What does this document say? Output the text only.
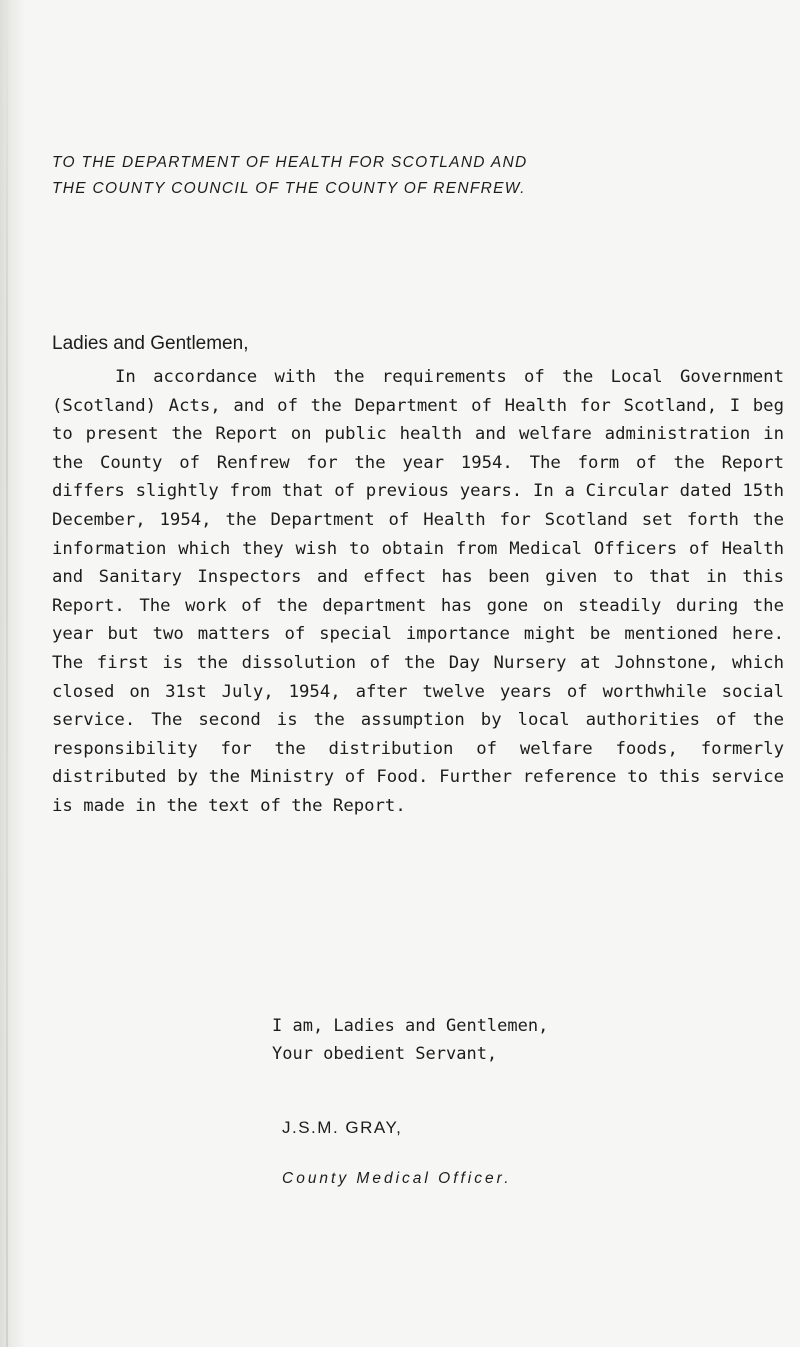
TO THE DEPARTMENT OF HEALTH FOR SCOTLAND AND
THE COUNTY COUNCIL OF THE COUNTY OF RENFREW.
Ladies and Gentlemen,

In accordance with the requirements of the Local Government (Scotland) Acts, and of the Department of Health for Scotland, I beg to present the Report on public health and welfare administration in the County of Renfrew for the year 1954. The form of the Report differs slightly from that of previous years. In a Circular dated 15th December, 1954, the Department of Health for Scotland set forth the information which they wish to obtain from Medical Officers of Health and Sanitary Inspectors and effect has been given to that in this Report. The work of the department has gone on steadily during the year but two matters of special importance might be mentioned here. The first is the dissolution of the Day Nursery at Johnstone, which closed on 31st July, 1954, after twelve years of worthwhile social service. The second is the assumption by local authorities of the responsibility for the distribution of welfare foods, formerly distributed by the Ministry of Food. Further reference to this service is made in the text of the Report.

I am, Ladies and Gentlemen,
Your obedient Servant,
J.S.M. GRAY,
County Medical Officer.
